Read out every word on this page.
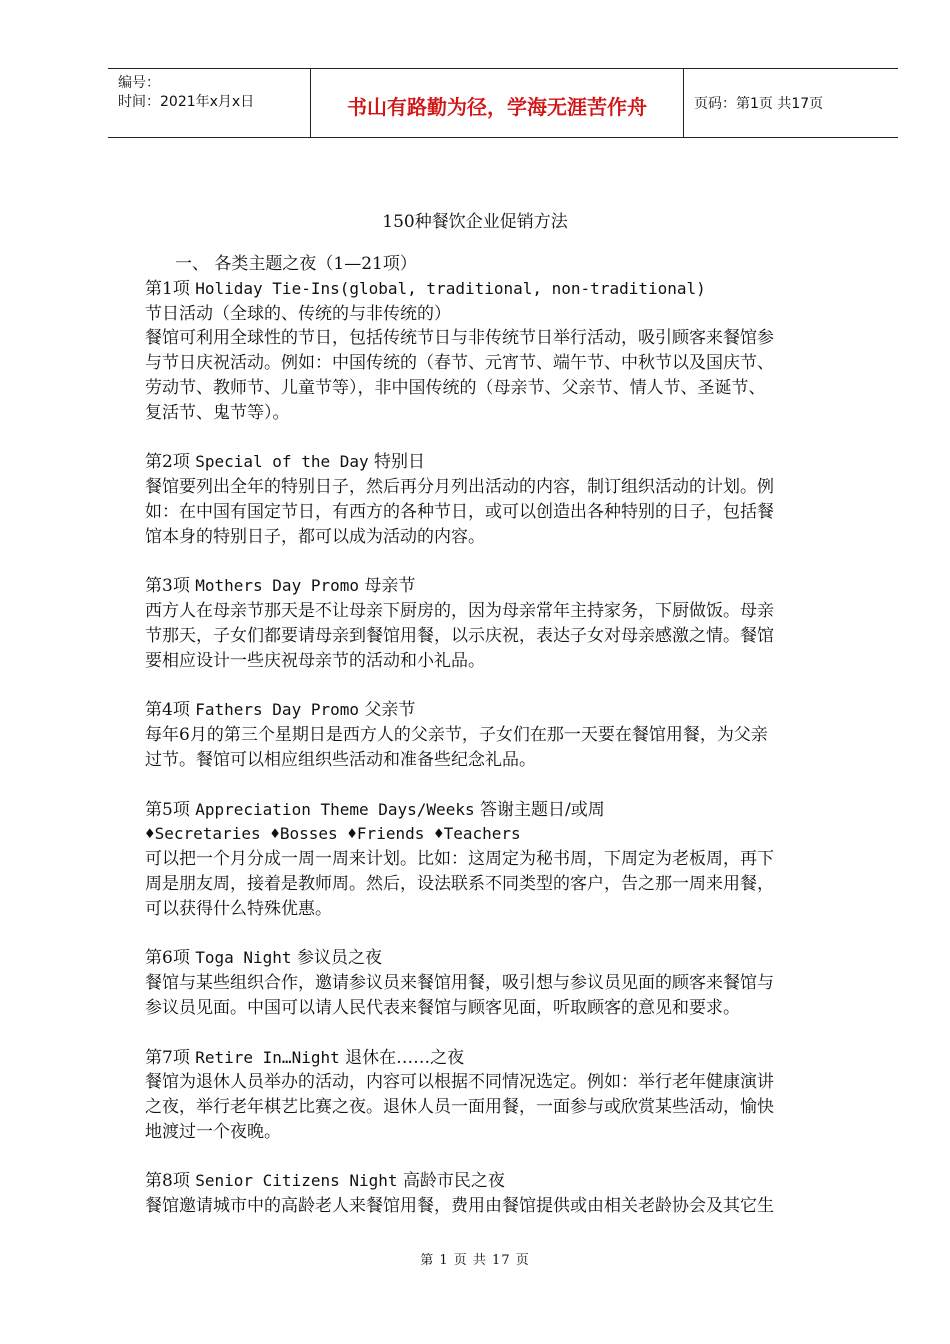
编号：
时间：2021年x月x日	书山有路勤为径，学海无涯苦作舟	页码：第1页 共17页
150种餐饮企业促销方法
一、 各类主题之夜（1—21项）
第1项 Holiday Tie-Ins(global, traditional, non-traditional)
节日活动（全球的、传统的与非传统的）
餐馆可利用全球性的节日，包括传统节日与非传统节日举行活动，吸引顾客来餐馆参
与节日庆祝活动。例如：中国传统的（春节、元宵节、端午节、中秋节以及国庆节、
劳动节、教师节、儿童节等），非中国传统的（母亲节、父亲节、情人节、圣诞节、
复活节、鬼节等）。
第2项 Special of the Day 特别日
餐馆要列出全年的特别日子，然后再分月列出活动的内容，制订组织活动的计划。例
如：在中国有国定节日，有西方的各种节日，或可以创造出各种特别的日子，包括餐
馆本身的特别日子，都可以成为活动的内容。
第3项 Mothers Day Promo 母亲节
西方人在母亲节那天是不让母亲下厨房的，因为母亲常年主持家务，下厨做饭。母亲
节那天，子女们都要请母亲到餐馆用餐，以示庆祝，表达子女对母亲感激之情。餐馆
要相应设计一些庆祝母亲节的活动和小礼品。
第4项 Fathers Day Promo 父亲节
每年6月的第三个星期日是西方人的父亲节，子女们在那一天要在餐馆用餐，为父亲
过节。餐馆可以相应组织些活动和准备些纪念礼品。
第5项 Appreciation Theme Days/Weeks 答谢主题日/或周
♦Secretaries ♦Bosses ♦Friends ♦Teachers
可以把一个月分成一周一周来计划。比如：这周定为秘书周，下周定为老板周，再下
周是朋友周，接着是教师周。然后，设法联系不同类型的客户，告之那一周来用餐，
可以获得什么特殊优惠。
第6项 Toga Night 参议员之夜
餐馆与某些组织合作，邀请参议员来餐馆用餐，吸引想与参议员见面的顾客来餐馆与
参议员见面。中国可以请人民代表来餐馆与顾客见面，听取顾客的意见和要求。
第7项 Retire In…Night 退休在……之夜
餐馆为退休人员举办的活动，内容可以根据不同情况选定。例如：举行老年健康演讲
之夜，举行老年棋艺比赛之夜。退休人员一面用餐，一面参与或欣赏某些活动，愉快
地渡过一个夜晚。
第8项 Senior Citizens Night 高龄市民之夜
餐馆邀请城市中的高龄老人来餐馆用餐，费用由餐馆提供或由相关老龄协会及其它生
第 1 页 共 17 页
